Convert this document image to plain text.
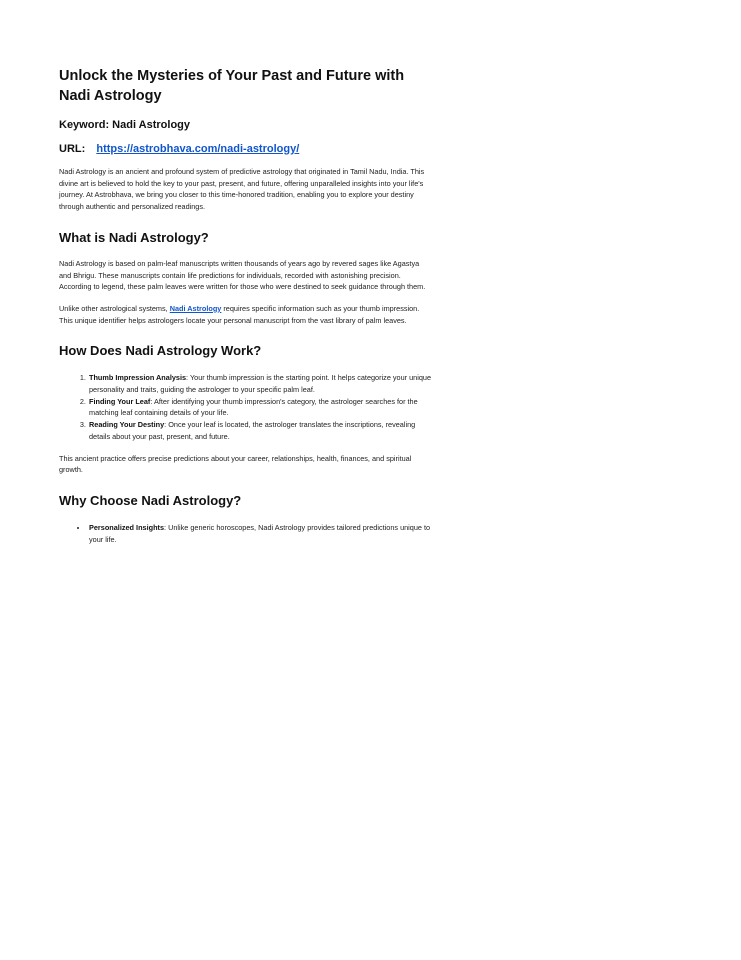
Unlock the Mysteries of Your Past and Future with Nadi Astrology
Keyword: Nadi Astrology
URL: https://astrobhava.com/nadi-astrology/

Nadi Astrology is an ancient and profound system of predictive astrology that originated in Tamil Nadu, India. This divine art is believed to hold the key to your past, present, and future, offering unparalleled insights into your life's journey. At Astrobhava, we bring you closer to this time-honored tradition, enabling you to explore your destiny through authentic and personalized readings.

What is Nadi Astrology?

Nadi Astrology is based on palm-leaf manuscripts written thousands of years ago by revered sages like Agastya and Bhrigu. These manuscripts contain life predictions for individuals, recorded with astonishing precision. According to legend, these palm leaves were written for those who were destined to seek guidance through them.

Unlike other astrological systems, Nadi Astrology requires specific information such as your thumb impression. This unique identifier helps astrologers locate your personal manuscript from the vast library of palm leaves.

How Does Nadi Astrology Work?
1. Thumb Impression Analysis: Your thumb impression is the starting point. It helps categorize your unique personality and traits, guiding the astrologer to your specific palm leaf.
2. Finding Your Leaf: After identifying your thumb impression's category, the astrologer searches for the matching leaf containing details of your life.
3. Reading Your Destiny: Once your leaf is located, the astrologer translates the inscriptions, revealing details about your past, present, and future.

This ancient practice offers precise predictions about your career, relationships, health, finances, and spiritual growth.

Why Choose Nadi Astrology?
• Personalized Insights: Unlike generic horoscopes, Nadi Astrology provides tailored predictions unique to your life.
